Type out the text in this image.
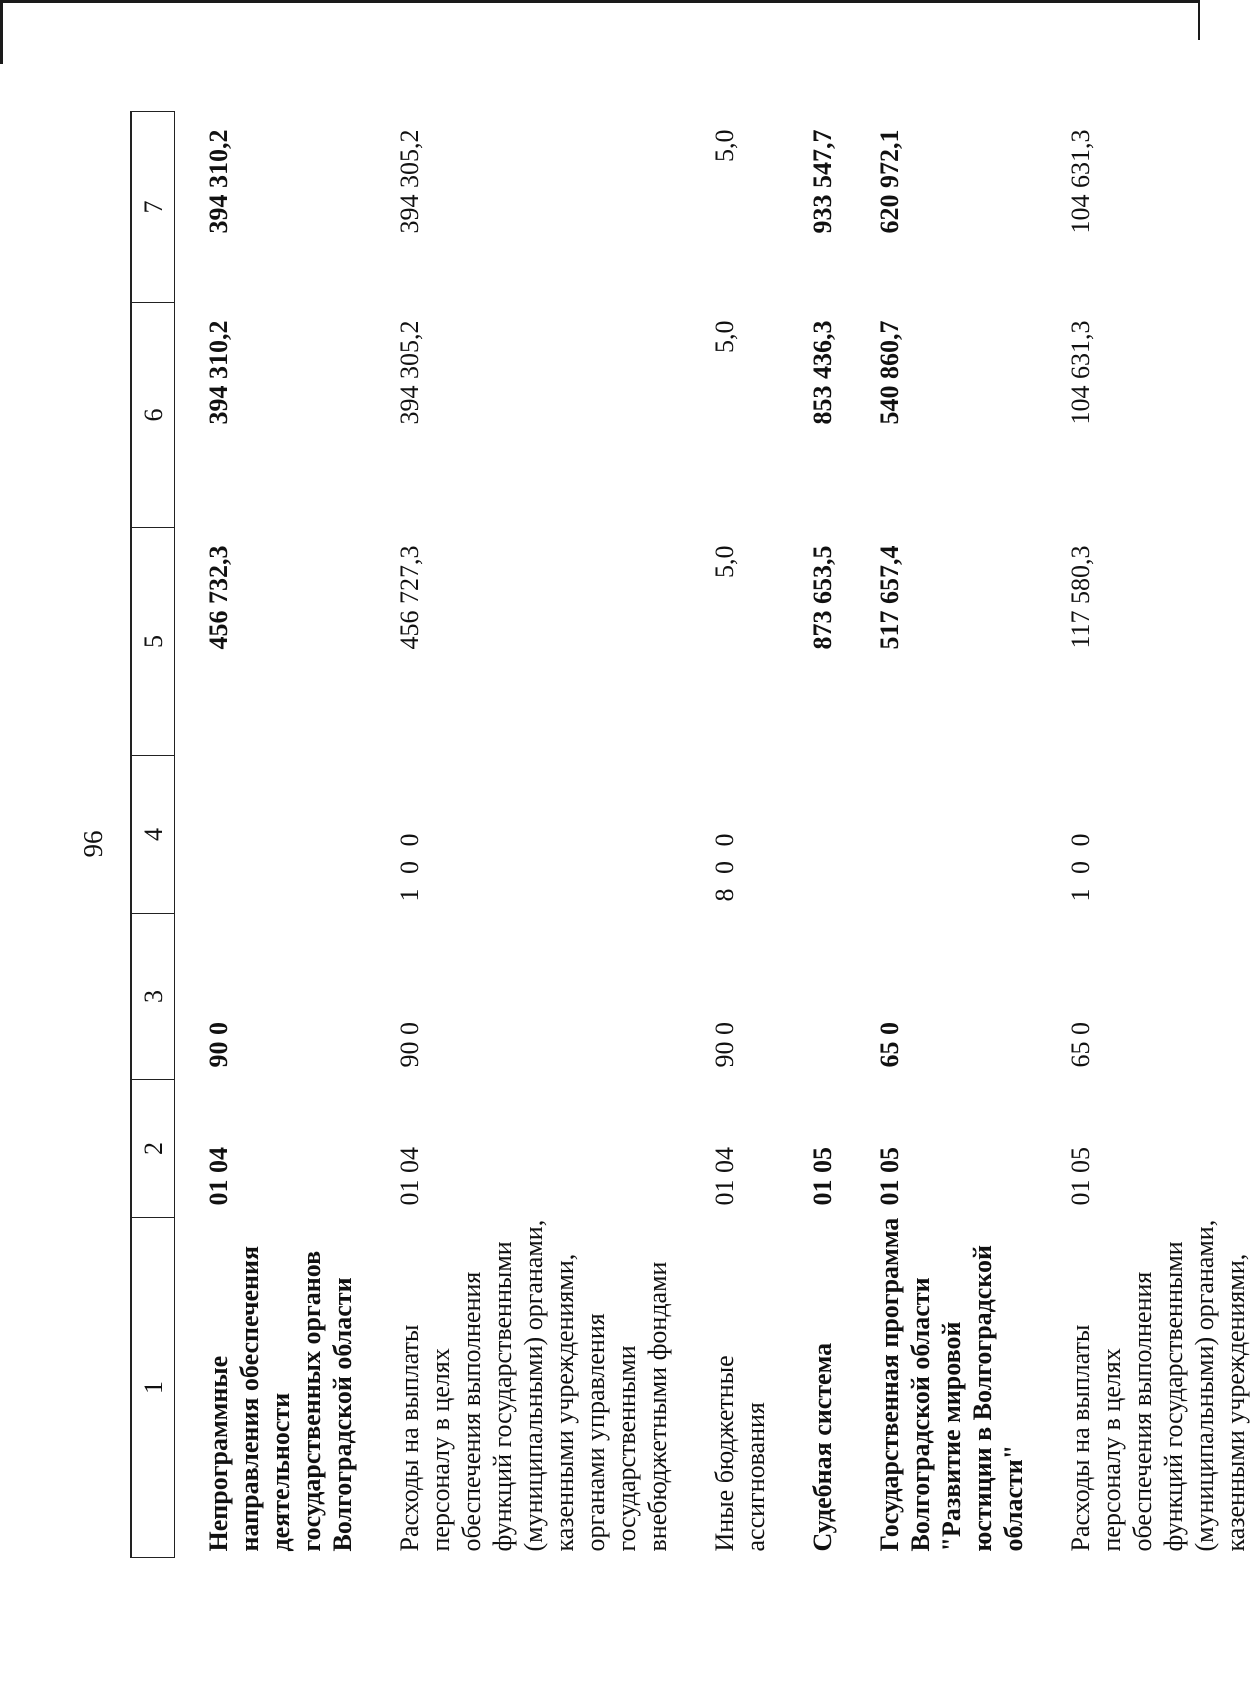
96
1	2	3	4	5	6	7
Непрограммные направления обеспечения деятельности государственных органов Волгоградской области	01 04	90 0		456 732,3	394 310,2	394 310,2

Расходы на выплаты персоналу в целях обеспечения выполнения функций государственными (муниципальными) органами, казенными учреждениями, органами управления государственными внебюджетными фондами	01 04	90 0	1 0 0	456 727,3	394 305,2	394 305,2

Иные бюджетные ассигнования	01 04	90 0	8 0 0	5,0	5,0	5,0

Судебная система	01 05			873 653,5	853 436,3	933 547,7

Государственная программа Волгоградской области "Развитие мировой юстиции в Волгоградской области"	01 05	65 0		517 657,4	540 860,7	620 972,1

Расходы на выплаты персоналу в целях обеспечения выполнения функций государственными (муниципальными) органами, казенными учреждениями,	01 05	65 0	1 0 0	117 580,3	104 631,3	104 631,3
